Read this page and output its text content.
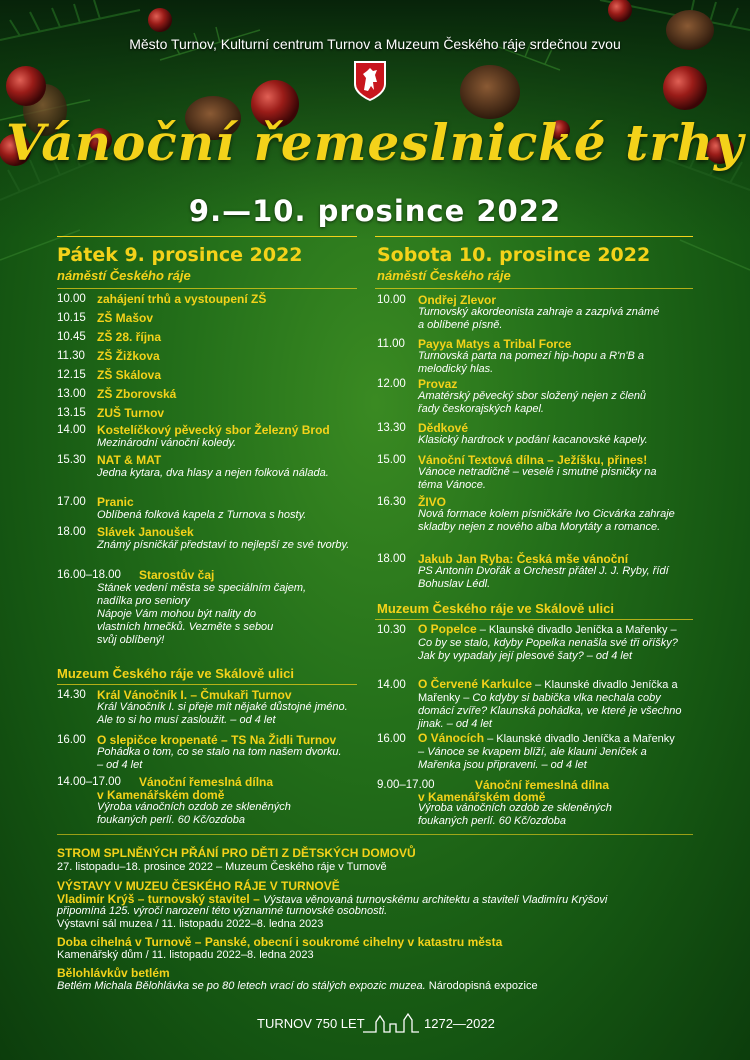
Město Turnov, Kulturní centrum Turnov a Muzeum Českého ráje srdečnou zvou
Vánoční řemeslnické trhy
9.—10. prosince 2022
Pátek 9. prosince 2022
náměstí Českého ráje
10.00 zahájení trhů a vystoupení ZŠ
10.15 ZŠ Mašov
10.45 ZŠ 28. října
11.30 ZŠ Žižkova
12.15 ZŠ Skálova
13.00 ZŠ Zborovská
13.15 ZUŠ Turnov
14.00 Kostelíčkový pěvecký sbor Železný Brod
Mezinárodní vánoční koledy.
15.30 NAT & MAT
Jedna kytara, dva hlasy a nejen folková nálada.
17.00 Pranic
Oblíbená folková kapela z Turnova s hosty.
18.00 Slávek Janoušek
Známý písničkář představí to nejlepší ze své tvorby.
16.00–18.00 Starostův čaj
Stánek vedení města se speciálním čajem, nadílka pro seniory
Nápoje Vám mohou být nality do vlastních hrnečků. Vezměte s sebou svůj oblíbený!
Muzeum Českého ráje ve Skálově ulici
14.30 Král Vánočník I. – Čmukaři Turnov
Král Vánočník I. si přeje mít nějaké důstojné jméno. Ale to si ho musí zasloužit. – od 4 let
16.00 O slepičce kropenaté – TS Na Židli Turnov
Pohádka o tom, co se stalo na tom našem dvorku. – od 4 let
14.00–17.00 Vánoční řemeslná dílna
v Kamenářském domě
Výroba vánočních ozdob ze skleněných foukaných perlí. 60 Kč/ozdoba
Sobota 10. prosince 2022
náměstí Českého ráje
10.00 Ondřej Zlevor
Turnovský akordeonista zahraje a zazpívá známé a oblíbené písně.
11.00 Payya Matys a Tribal Force
Turnovská parta na pomezí hip-hopu a R'n'B a melodický hlas.
12.00 Provaz
Amatérský pěvecký sbor složený nejen z členů řady českorajských kapel.
13.30 Dědkové
Klasický hardrock v podání kacanovské kapely.
15.00 Vánoční Textová dílna – Ježíšku, přines!
Vánoce netradičně – veselé i smutné písničky na téma Vánoce.
16.30 ŽIVO
Nová formace kolem písničkáře Ivo Cicvárka zahraje skladby nejen z nového alba Morytáty a romance.
18.00 Jakub Jan Ryba: Česká mše vánoční
PS Antonín Dvořák a Orchestr přátel J. J. Ryby, řídí Bohuslav Lédl.
Muzeum Českého ráje ve Skálově ulici
10.30 O Popelce – Klaunské divadlo Jeníčka a Mařenky – Co by se stalo, kdyby Popelka nenašla své tři oříšky? Jak by vypadaly její plesové šaty? – od 4 let
14.00 O Červené Karkulce – Klaunské divadlo Jeníčka a Mařenky – Co kdyby si babička vlka nechala coby domácí zvíře? Klaunská pohádka, ve které je všechno jinak. – od 4 let
16.00 O Vánocích – Klaunské divadlo Jeníčka a Mařenky – Vánoce se kvapem blíží, ale klauni Jeníček a Mařenka jsou připraveni. – od 4 let
9.00–17.00	Vánoční řemeslná dílna
v Kamenářském domě
Výroba vánočních ozdob ze skleněných foukaných perlí. 60 Kč/ozdoba
STROM SPLNĚNÝCH PŘÁNÍ PRO DĚTI Z DĚTSKÝCH DOMOVŮ
27. listopadu–18. prosince 2022 – Muzeum Českého ráje v Turnově
VÝSTAVY V MUZEU ČESKÉHO RÁJE V TURNOVĚ
Vladimír Krýš – turnovský stavitel – Výstava věnovaná turnovskému architektu a staviteli Vladimíru Krýšovi
připomíná 125. výročí narození této významné turnovské osobnosti.
Výstavní sál muzea / 11. listopadu 2022–8. ledna 2023
Doba cihelná v Turnově – Panské, obecní i soukromé cihelny v katastru města
Kamenářský dům / 11. listopadu 2022–8. ledna 2023
Bělohlávkův betlém
Betlém Michala Bělohlávka se po 80 letech vrací do stálých expozic muzea. Národopisná expozice
TURNOV 750 LET	1272—2022
